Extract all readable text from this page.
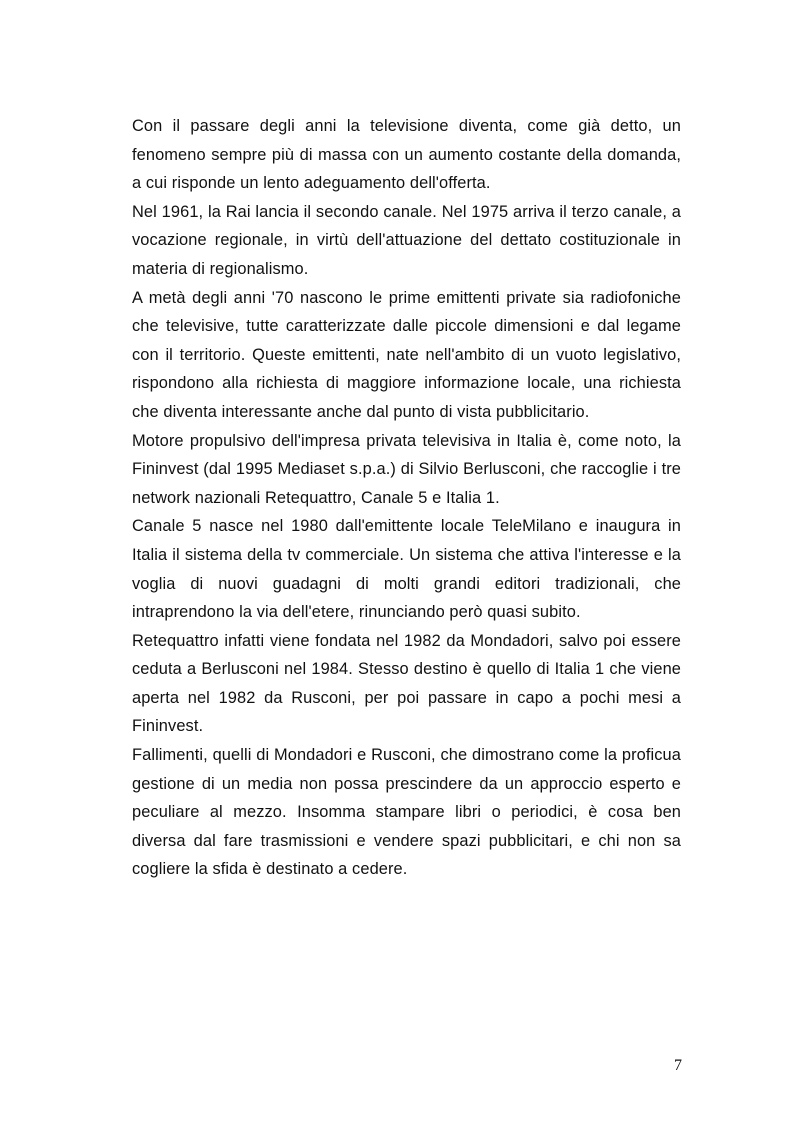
Con il passare degli anni la televisione diventa, come già detto, un fenomeno sempre più di massa con un aumento costante della domanda, a cui risponde un lento adeguamento dell'offerta.

Nel 1961, la Rai lancia il secondo canale. Nel 1975 arriva il terzo canale, a vocazione regionale, in virtù dell'attuazione del dettato costituzionale in materia di regionalismo.

A metà degli anni '70 nascono le prime emittenti private sia radiofoniche che televisive, tutte caratterizzate dalle piccole dimensioni e dal legame con il territorio. Queste emittenti, nate nell'ambito di un vuoto legislativo, rispondono alla richiesta di maggiore informazione locale, una richiesta che diventa interessante anche dal punto di vista pubblicitario.

Motore propulsivo dell'impresa privata televisiva in Italia è, come noto, la Fininvest (dal 1995 Mediaset s.p.a.) di Silvio Berlusconi, che raccoglie i tre network nazionali Retequattro, Canale 5 e Italia 1.

Canale 5 nasce nel 1980 dall'emittente locale TeleMilano e inaugura in Italia il sistema della tv commerciale. Un sistema che attiva l'interesse e la voglia di nuovi guadagni di molti grandi editori tradizionali, che intraprendono la via dell'etere, rinunciando però quasi subito.

Retequattro infatti viene fondata nel 1982 da Mondadori, salvo poi essere ceduta a Berlusconi nel 1984. Stesso destino è quello di Italia 1 che viene aperta nel 1982 da Rusconi, per poi passare in capo a pochi mesi a Fininvest.

Fallimenti, quelli di Mondadori e Rusconi, che dimostrano come la proficua gestione di un media non possa prescindere da un approccio esperto e peculiare al mezzo. Insomma stampare libri o periodici, è cosa ben diversa dal fare trasmissioni e vendere spazi pubblicitari, e chi non sa cogliere la sfida è destinato a cedere.

7
